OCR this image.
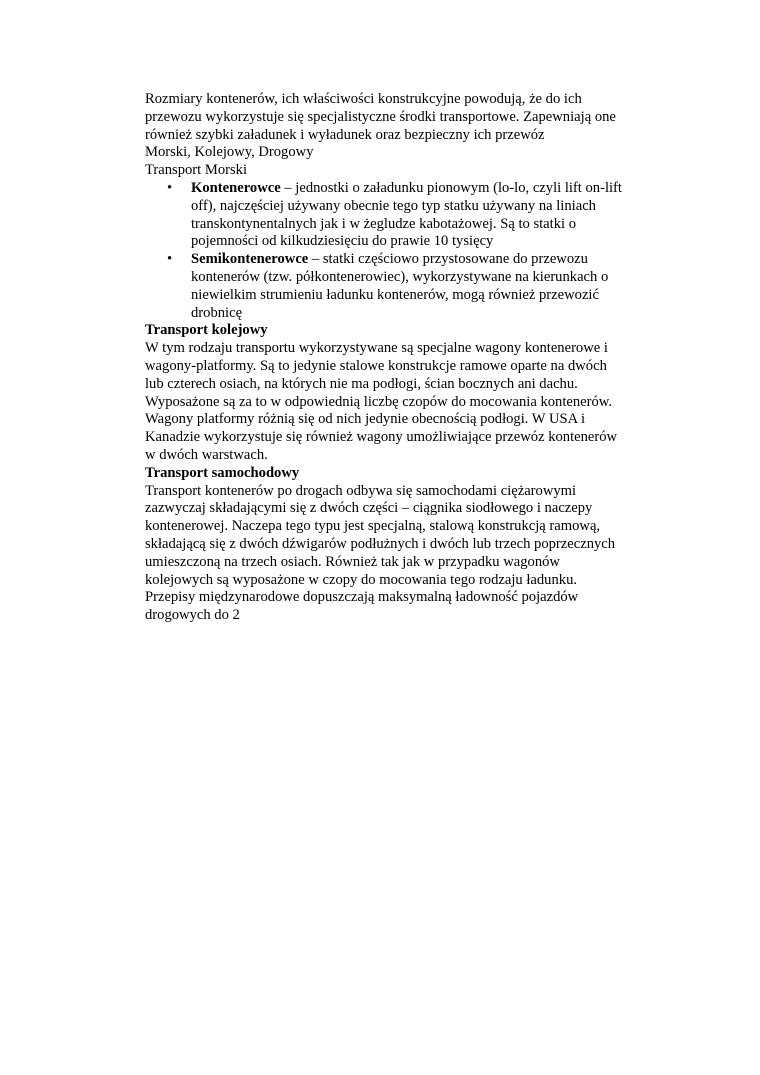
Rozmiary kontenerów, ich właściwości konstrukcyjne powodują, że do ich przewozu wykorzystuje się specjalistyczne środki transportowe. Zapewniają one również szybki załadunek i wyładunek oraz bezpieczny ich przewóz

Morski, Kolejowy, Drogowy

Transport Morski

• Kontenerowce – jednostki o załadunku pionowym (lo-lo, czyli lift on-lift off), najczęściej używany obecnie tego typ statku używany na liniach transkontynentalnych jak i w żegludze kabotażowej. Są to statki o pojemności od kilkudziesięciu do prawie 10 tysięcy
• Semikontenerowce – statki częściowo przystosowane do przewozu kontenerów (tzw. półkontenerowiec), wykorzystywane na kierunkach o niewielkim strumieniu ładunku kontenerów, mogą również przewozić drobnicę

Transport kolejowy

W tym rodzaju transportu wykorzystywane są specjalne wagony kontenerowe i wagony-platformy. Są to jedynie stalowe konstrukcje ramowe oparte na dwóch lub czterech osiach, na których nie ma podłogi, ścian bocznych ani dachu. Wyposażone są za to w odpowiednią liczbę czopów do mocowania kontenerów. Wagony platformy różnią się od nich jedynie obecnością podłogi. W USA i Kanadzie wykorzystuje się również wagony umożliwiające przewóz kontenerów w dwóch warstwach.

Transport samochodowy

Transport kontenerów po drogach odbywa się samochodami ciężarowymi zazwyczaj składającymi się z dwóch części – ciągnika siodłowego i naczepy kontenerowej. Naczepa tego typu jest specjalną, stalową konstrukcją ramową, składającą się z dwóch dźwigarów podłużnych i dwóch lub trzech poprzecznych umieszczoną na trzech osiach. Również tak jak w przypadku wagonów kolejowych są wyposażone w czopy do mocowania tego rodzaju ładunku. Przepisy międzynarodowe dopuszczają maksymalną ładowność pojazdów drogowych do 2
